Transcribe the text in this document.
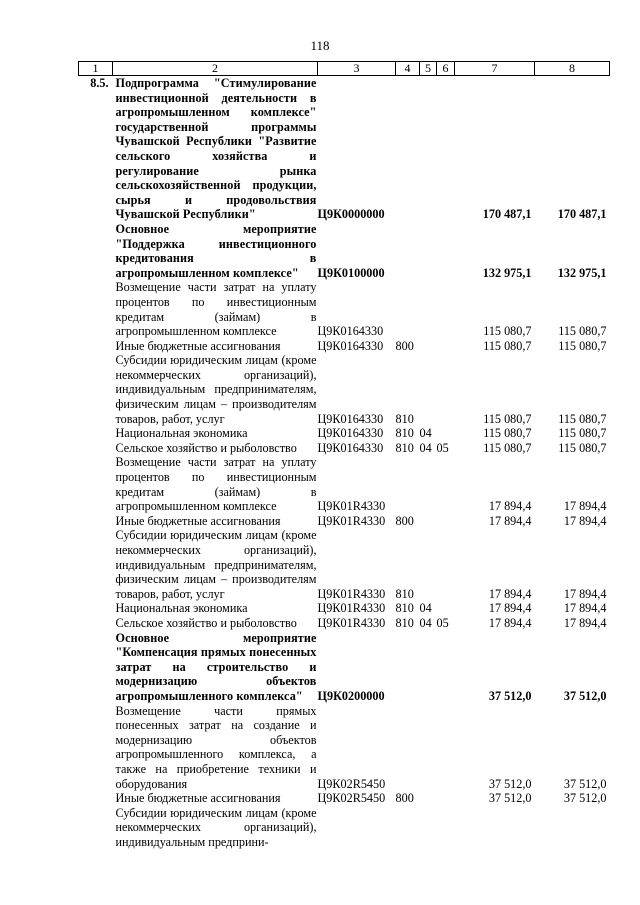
118
1	2	3	4	5	6	7	8
8.5.	Подпрограмма "Стимулирование инвестиционной деятельности в агропромышленном комплексе" государственной программы Чувашской Республики "Развитие сельского хозяйства и регулирование рынка сельскохозяйственной продукции, сырья и продовольствия Чувашской Республики"	Ц9К0000000				170 487,1	170 487,1
	Основное мероприятие "Поддержка инвестиционного кредитования в агропромышленном комплексе"	Ц9К0100000				132 975,1	132 975,1
	Возмещение части затрат на уплату процентов по инвестиционным кредитам (займам) в агропромышленном комплексе	Ц9К0164330				115 080,7	115 080,7
	Иные бюджетные ассигнования	Ц9К0164330	800			115 080,7	115 080,7
	Субсидии юридическим лицам (кроме некоммерческих организаций), индивидуальным предпринимателям, физическим лицам – производителям товаров, работ, услуг	Ц9К0164330	810			115 080,7	115 080,7
	Национальная экономика	Ц9К0164330	810	04		115 080,7	115 080,7
	Сельское хозяйство и рыболовство	Ц9К0164330	810	04	05	115 080,7	115 080,7
	Возмещение части затрат на уплату процентов по инвестиционным кредитам (займам) в агропромышленном комплексе	Ц9К01R4330				17 894,4	17 894,4
	Иные бюджетные ассигнования	Ц9К01R4330	800			17 894,4	17 894,4
	Субсидии юридическим лицам (кроме некоммерческих организаций), индивидуальным предпринимателям, физическим лицам – производителям товаров, работ, услуг	Ц9К01R4330	810			17 894,4	17 894,4
	Национальная экономика	Ц9К01R4330	810	04		17 894,4	17 894,4
	Сельское хозяйство и рыболовство	Ц9К01R4330	810	04	05	17 894,4	17 894,4
	Основное мероприятие "Компенсация прямых понесенных затрат на строительство и модернизацию объектов агропромышленного комплекса"	Ц9К0200000				37 512,0	37 512,0
	Возмещение части прямых понесенных затрат на создание и модернизацию объектов агропромышленного комплекса, а также на приобретение техники и оборудования	Ц9К02R5450				37 512,0	37 512,0
	Иные бюджетные ассигнования	Ц9К02R5450	800			37 512,0	37 512,0
	Субсидии юридическим лицам (кроме некоммерческих организаций), индивидуальным предприни-						
